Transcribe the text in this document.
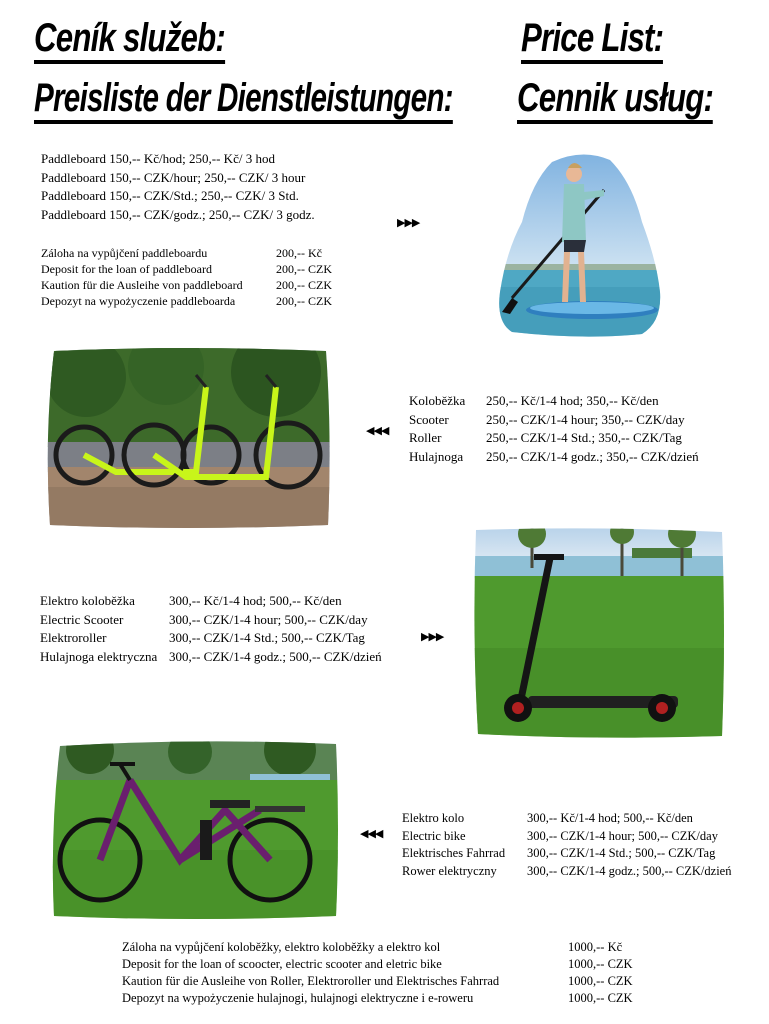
Ceník služeb:
Preisliste der Dienstleistungen:
Price List:
Cennik usług:
Paddleboard 150,-- Kč/hod; 250,-- Kč/ 3 hod
Paddleboard 150,-- CZK/hour; 250,-- CZK/ 3 hour
Paddleboard 150,-- CZK/Std.; 250,-- CZK/ 3 Std.
Paddleboard 150,-- CZK/godz.; 250,-- CZK/ 3 godz.
Záloha na vypůjčení paddleboardu	200,-- Kč
Deposit for the loan of paddleboard	200,-- CZK
Kaution für die Ausleihe von paddleboard	200,-- CZK
Depozyt na wypożyczenie paddleboarda	200,-- CZK
▶▶▶
◀◀◀
Koloběžka	250,-- Kč/1-4 hod; 350,-- Kč/den
Scooter	250,-- CZK/1-4 hour; 350,-- CZK/day
Roller	250,-- CZK/1-4 Std.; 350,-- CZK/Tag
Hulajnoga	250,-- CZK/1-4 godz.; 350,-- CZK/dzień
Elektro koloběžka	300,-- Kč/1-4 hod; 500,-- Kč/den
Electric Scooter	300,-- CZK/1-4 hour; 500,-- CZK/day
Elektroroller	300,-- CZK/1-4 Std.; 500,-- CZK/Tag
Hulajnoga elektryczna 300,-- CZK/1-4 godz.; 500,-- CZK/dzień
▶▶▶
◀◀◀
Elektro kolo	300,-- Kč/1-4 hod; 500,-- Kč/den
Electric bike	300,-- CZK/1-4 hour; 500,-- CZK/day
Elektrisches Fahrrad	300,-- CZK/1-4 Std.; 500,-- CZK/Tag
Rower elektryczny	300,-- CZK/1-4 godz.; 500,-- CZK/dzień
Záloha na vypůjčení koloběžky, elektro koloběžky a elektro kol	1000,-- Kč
Deposit for the loan of scoocter, electric scooter and eletric bike	1000,-- CZK
Kaution für die Ausleihe von Roller, Elektroroller und Elektrisches Fahrrad	1000,-- CZK
Depozyt na wypożyczenie hulajnogi, hulajnogi elektryczne i e-roweru	1000,-- CZK
